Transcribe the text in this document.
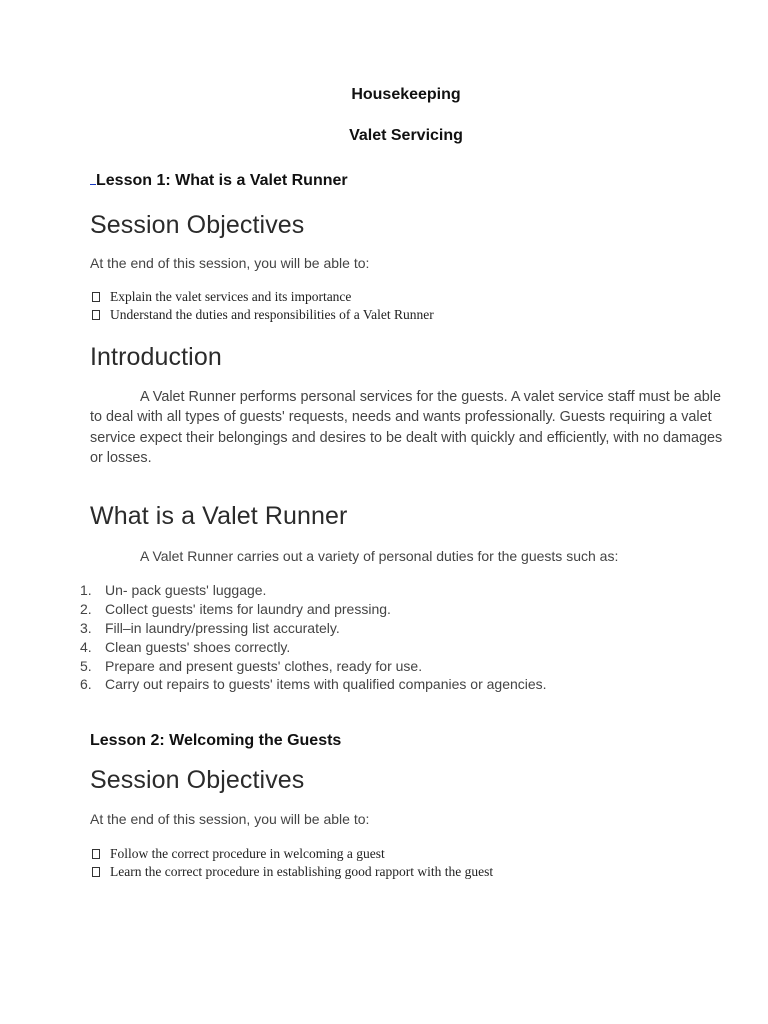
Housekeeping
Valet Servicing
Lesson 1: What is a Valet Runner
Session Objectives

At the end of this session, you will be able to:

Explain the valet services and its importance
Understand the duties and responsibilities of a Valet Runner
Introduction

A Valet Runner performs personal services for the guests. A valet service staff must be able to deal with all types of guests' requests, needs and wants professionally. Guests requiring a valet service expect their belongings and desires to be dealt with quickly and efficiently, with no damages or losses.

What is a Valet Runner

A Valet Runner carries out a variety of personal duties for the guests such as:

1. Un- pack guests' luggage.
2. Collect guests' items for laundry and pressing.
3. Fill–in laundry/pressing list accurately.
4. Clean guests' shoes correctly.
5. Prepare and present guests' clothes, ready for use.
6. Carry out repairs to guests' items with qualified companies or agencies.
Lesson 2: Welcoming the Guests
Session Objectives

At the end of this session, you will be able to:

Follow the correct procedure in welcoming a guest
Learn the correct procedure in establishing good rapport with the guest
